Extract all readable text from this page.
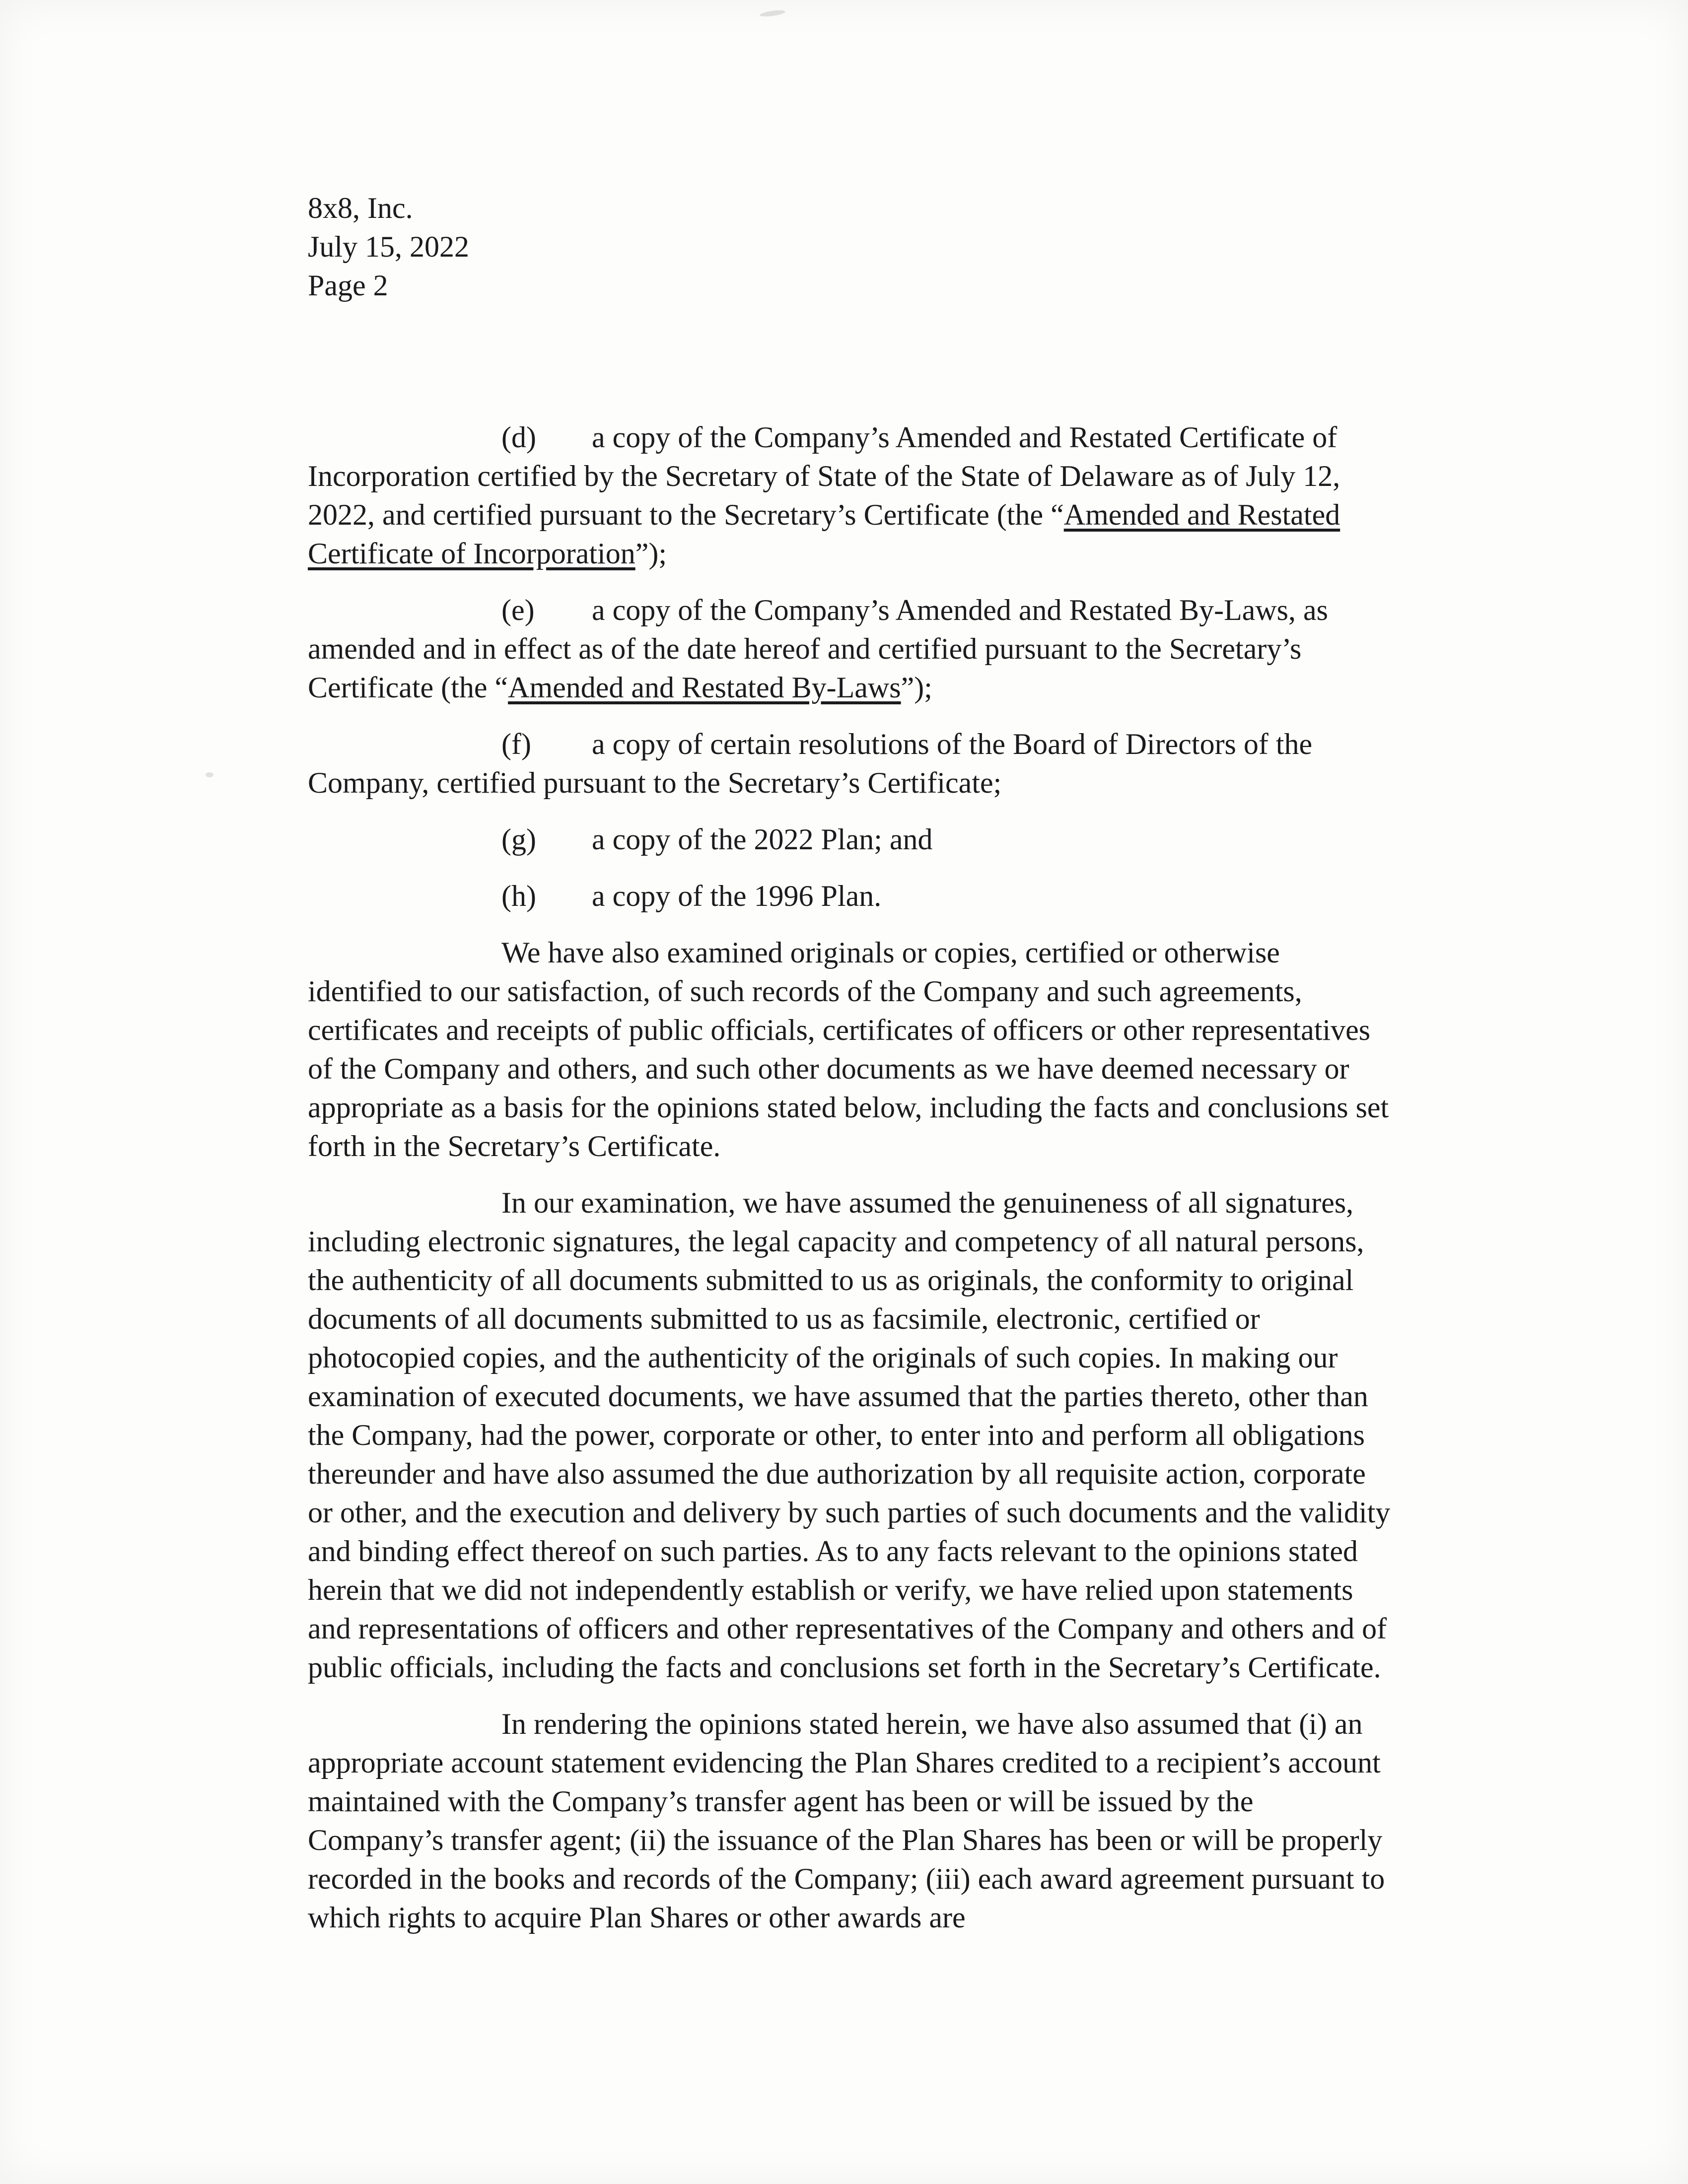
8x8, Inc.
July 15, 2022
Page 2

(d) a copy of the Company’s Amended and Restated Certificate of Incorporation certified by the Secretary of State of the State of Delaware as of July 12, 2022, and certified pursuant to the Secretary’s Certificate (the “Amended and Restated Certificate of Incorporation”);

(e) a copy of the Company’s Amended and Restated By-Laws, as amended and in effect as of the date hereof and certified pursuant to the Secretary’s Certificate (the “Amended and Restated By-Laws”);

(f) a copy of certain resolutions of the Board of Directors of the Company, certified pursuant to the Secretary’s Certificate;

(g) a copy of the 2022 Plan; and

(h) a copy of the 1996 Plan.

We have also examined originals or copies, certified or otherwise identified to our satisfaction, of such records of the Company and such agreements, certificates and receipts of public officials, certificates of officers or other representatives of the Company and others, and such other documents as we have deemed necessary or appropriate as a basis for the opinions stated below, including the facts and conclusions set forth in the Secretary’s Certificate.

In our examination, we have assumed the genuineness of all signatures, including electronic signatures, the legal capacity and competency of all natural persons, the authenticity of all documents submitted to us as originals, the conformity to original documents of all documents submitted to us as facsimile, electronic, certified or photocopied copies, and the authenticity of the originals of such copies. In making our examination of executed documents, we have assumed that the parties thereto, other than the Company, had the power, corporate or other, to enter into and perform all obligations thereunder and have also assumed the due authorization by all requisite action, corporate or other, and the execution and delivery by such parties of such documents and the validity and binding effect thereof on such parties. As to any facts relevant to the opinions stated herein that we did not independently establish or verify, we have relied upon statements and representations of officers and other representatives of the Company and others and of public officials, including the facts and conclusions set forth in the Secretary’s Certificate.

In rendering the opinions stated herein, we have also assumed that (i) an appropriate account statement evidencing the Plan Shares credited to a recipient’s account maintained with the Company’s transfer agent has been or will be issued by the Company’s transfer agent; (ii) the issuance of the Plan Shares has been or will be properly recorded in the books and records of the Company; (iii) each award agreement pursuant to which rights to acquire Plan Shares or other awards are
